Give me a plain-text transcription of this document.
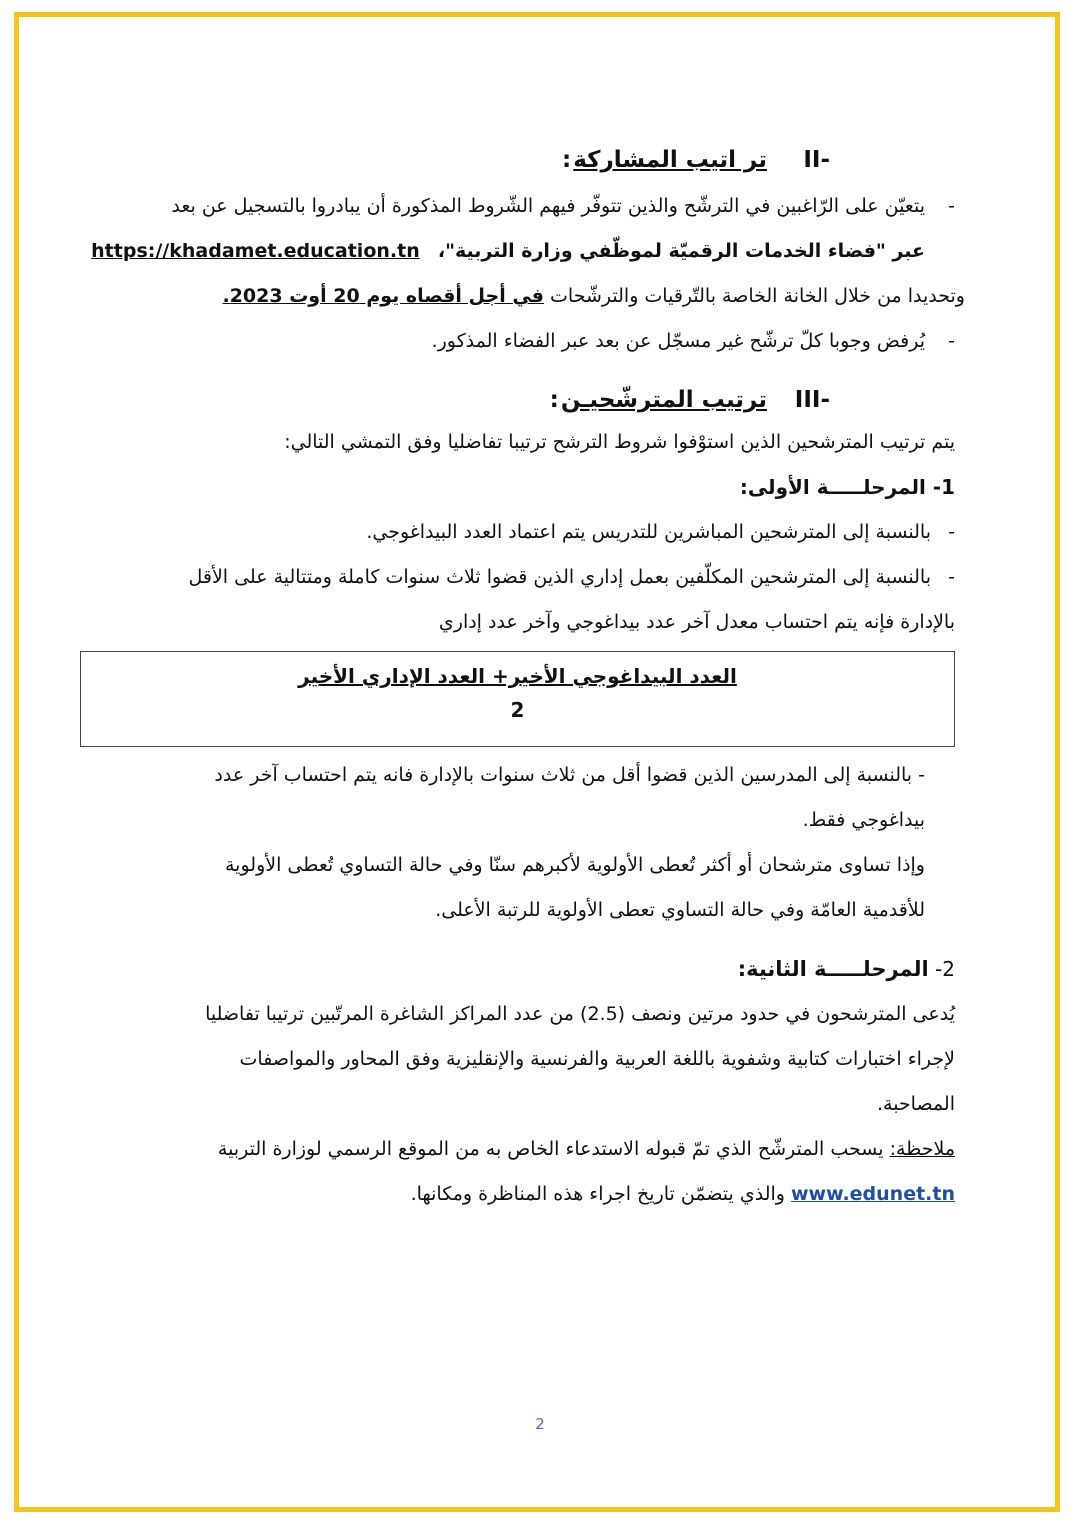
-II تر اتيب المشاركة:

-
يتعيّن على الرّاغبين في الترشّح والذين تتوفّر فيهم الشّروط المذكورة أن يبادروا بالتسجيل عن بعد
عبر "فضاء الخدمات الرقميّة لموظّفي وزارة التربية"،   https://khadamet.education.tn
وتحديدا من خلال الخانة الخاصة بالتّرقيات والترشّحات في أجل أقصاه يوم 20 أوت 2023.
-
يُرفض وجوبا كلّ ترشّح غير مسجّل عن بعد عبر الفضاء المذكور.

-III ترتيب المترشّحيـن:

يتم ترتيب المترشحين الذين استوْفوا شروط الترشح ترتيبا تفاضليا وفق التمشي التالي:
1- المرحلـــــة الأولى:
-
بالنسبة إلى المترشحين المباشرين للتدريس يتم اعتماد العدد البيداغوجي.
-
بالنسبة إلى المترشحين المكلّفين بعمل إداري الذين قضوا ثلاث سنوات كاملة ومتتالية على الأقل
بالإدارة فإنه يتم احتساب معدل آخر عدد بيداغوجي وآخر عدد إداري
العدد البيداغوجي الأخير+ العدد الإداري الأخير
2
- بالنسبة إلى المدرسين الذين قضوا أقل من ثلاث سنوات بالإدارة فانه يتم احتساب آخر عدد
بيداغوجي فقط.
وإذا تساوى مترشحان أو أكثر تُعطى الأولوية لأكبرهم سنّا وفي حالة التساوي تُعطى الأولوية
للأقدمية العامّة وفي حالة التساوي تعطى الأولوية للرتبة الأعلى.
2- المرحلـــــة الثانية:
يُدعى المترشحون في حدود مرتين ونصف (2.5) من عدد المراكز الشاغرة المرتّبين ترتيبا تفاضليا
لإجراء اختبارات كتابية وشفوية باللغة العربية والفرنسية والإنقليزية وفق المحاور والمواصفات
المصاحبة.
ملاحظة: يسحب المترشّح الذي تمّ قبوله الاستدعاء الخاص به من الموقع الرسمي لوزارة التربية
www.edunet.tn والذي يتضمّن تاريخ اجراء هذه المناظرة ومكانها.
2
